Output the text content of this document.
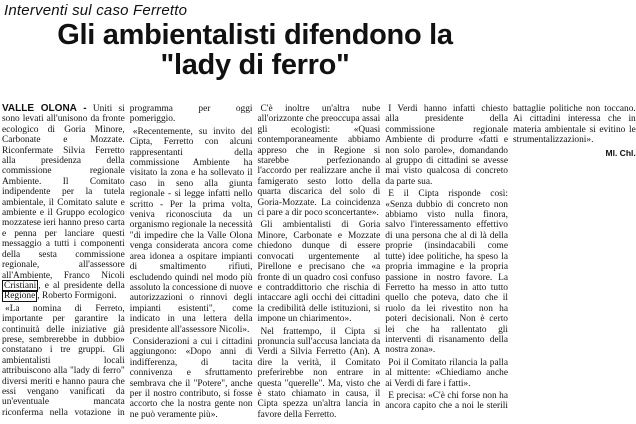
Interventi sul caso Ferretto
Gli ambientalisti difendono la
"lady di ferro"

VALLE OLONA - Uniti si sono levati all'unisono da fronte ecologico di Goria Minore, Carbonate e Mozzate. Riconfermate Silvia Ferretto alla presidenza della commissione regionale Ambiente. Il Comitato indipendente per la tutela ambientale, il Comitato salute e ambiente e il Gruppo ecologico mozzatese ieri hanno preso carta e penna per lanciare questi messaggio a tutti i componenti della sesta commissione regionale, all'assessore all'Ambiente, Franco Nicoli Cristiani , e al presidente della Regione , Roberto Formigoni.

«La nomina di Ferreto, importante per garantire la continuità delle iniziative già prese, sembrerebbe in dubbio» constatano i tre gruppi. Gli ambientalisti locali attribuiscono alla "lady di ferro" diversi meriti e hanno paura che essi vengano vanificati da un'eventuale mancata riconferma nella votazione in programma per oggi pomeriggio.

«Recentemente, su invito del Cipta, Ferretto con alcuni rappresentanti della commissione Ambiente ha visitato la zona e ha sollevato il caso in seno alla giunta regionale - si legge infatti nello scritto - Per la prima volta, veniva riconosciuta da un organismo regionale la necessità "di impedire che la Valle Olona venga considerata ancora come area idonea a ospitare impianti di smaltimento rifiuti, escludendo quindi nel modo più assoluto la concessione di nuove autorizzazioni o rinnovi degli impianti esistenti", come indicato in una lettera della presidente all'assessore Nicoli».

Considerazioni a cui i cittadini aggiungono: «Dopo anni di indifferenza, di tacita connivenza e sfruttamento sembrava che il "Potere", anche per il nostro contributo, si fosse accorto che la nostra gente non ne può veramente più».

C'è inoltre un'altra nube all'orizzonte che preoccupa assai gli ecologisti: «Quasi contemporaneamente abbiamo appreso che in Regione si starebbe perfezionando l'accordo per realizzare anche il famigerato sesto lotto della quarta discarica del solo di Goria-Mozzate. La coincidenza ci pare a dir poco sconcertante».

Gli ambientalisti di Goria Minore, Carbonate e Mozzate chiedono dunque di essere convocati urgentemente al Pirellone e precisano che «a fronte di un quadro così confuso e contraddittorio che rischia di intaccare agli occhi dei cittadini la credibilità delle istituzioni, si impone un chiarimento».

Nel frattempo, il Cipta si pronuncia sull'accusa lanciata da Verdi a Silvia Ferretto (An). A dire la verità, il Comitato preferirebbe non entrare in questa "querelle". Ma, visto che è stato chiamato in causa, il Cipta spezza un'altra lancia in favore della Ferretto.

I Verdi hanno infatti chiesto alla presidente della commissione regionale Ambiente di produrre «fatti e non solo parole», domandando al gruppo di cittadini se avesse mai visto qualcosa di concreto da parte sua.

E il Cipta risponde così: «Senza dubbio di concreto non abbiamo visto nulla finora, salvo l'interessamento effettivo di una persona che al di là della proprie (insindacabili come tutte) idee politiche, ha speso la propria immagine e la propria passione in nostro favore. La Ferretto ha messo in atto tutto quello che poteva, dato che il ruolo da lei rivestito non ha poteri decisionali. Non è certo lei che ha rallentato gli interventi di risanamento della nostra zona».

Poi il Comitato rilancia la palla al mittente: «Chiediamo anche ai Verdi di fare i fatti».

E precisa: «C'è chi forse non ha ancora capito che a noi le sterili battaglie politiche non toccano. Ai cittadini interessa che in materia ambientale si evitino le strumentalizzazioni».

Ml. Chl.
